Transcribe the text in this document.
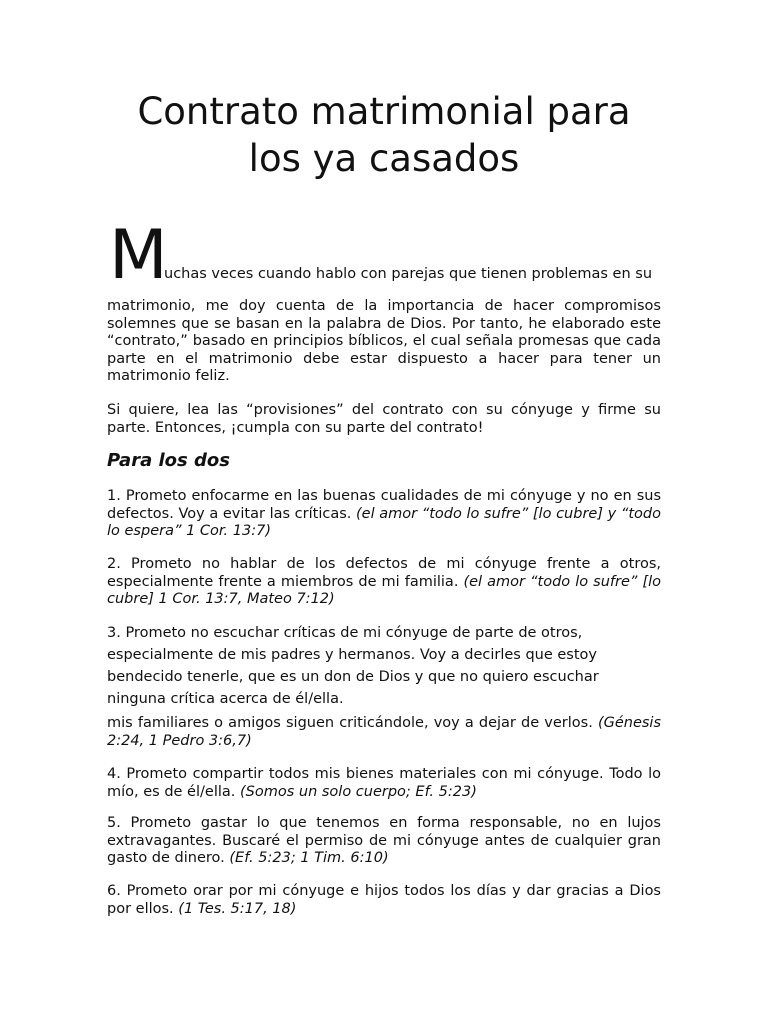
Contrato matrimonial para
los ya casados
M
uchas veces cuando hablo con parejas que tienen problemas en su

matrimonio, me doy cuenta de la importancia de hacer compromisos solemnes que se basan en la palabra de Dios. Por tanto, he elaborado este “contrato,” basado en principios bíblicos, el cual señala promesas que cada parte en el matrimonio debe estar dispuesto a hacer para tener un matrimonio feliz.

Si quiere, lea las “provisiones” del contrato con su cónyuge y firme su parte. Entonces, ¡cumpla con su parte del contrato!

Para los dos

1. Prometo enfocarme en las buenas cualidades de mi cónyuge y no en sus defectos. Voy a evitar las críticas. (el amor “todo lo sufre” [lo cubre] y “todo lo espera” 1 Cor. 13:7)

2. Prometo no hablar de los defectos de mi cónyuge frente a otros, especialmente frente a miembros de mi familia. (el amor “todo lo sufre” [lo cubre] 1 Cor. 13:7, Mateo 7:12)

3. Prometo no escuchar críticas de mi cónyuge de parte de otros, especialmente de mis padres y hermanos. Voy a decirles que estoy bendecido tenerle, que es un don de Dios y que no quiero escuchar ninguna crítica acerca de él/ella.

mis familiares o amigos siguen criticándole, voy a dejar de verlos. (Génesis 2:24, 1 Pedro 3:6,7)

4. Prometo compartir todos mis bienes materiales con mi cónyuge. Todo lo mío, es de él/ella. (Somos un solo cuerpo; Ef. 5:23)

5. Prometo gastar lo que tenemos en forma responsable, no en lujos extravagantes. Buscaré el permiso de mi cónyuge antes de cualquier gran gasto de dinero. (Ef. 5:23; 1 Tim. 6:10)

6. Prometo orar por mi cónyuge e hijos todos los días y dar gracias a Dios por ellos. (1 Tes. 5:17, 18)
